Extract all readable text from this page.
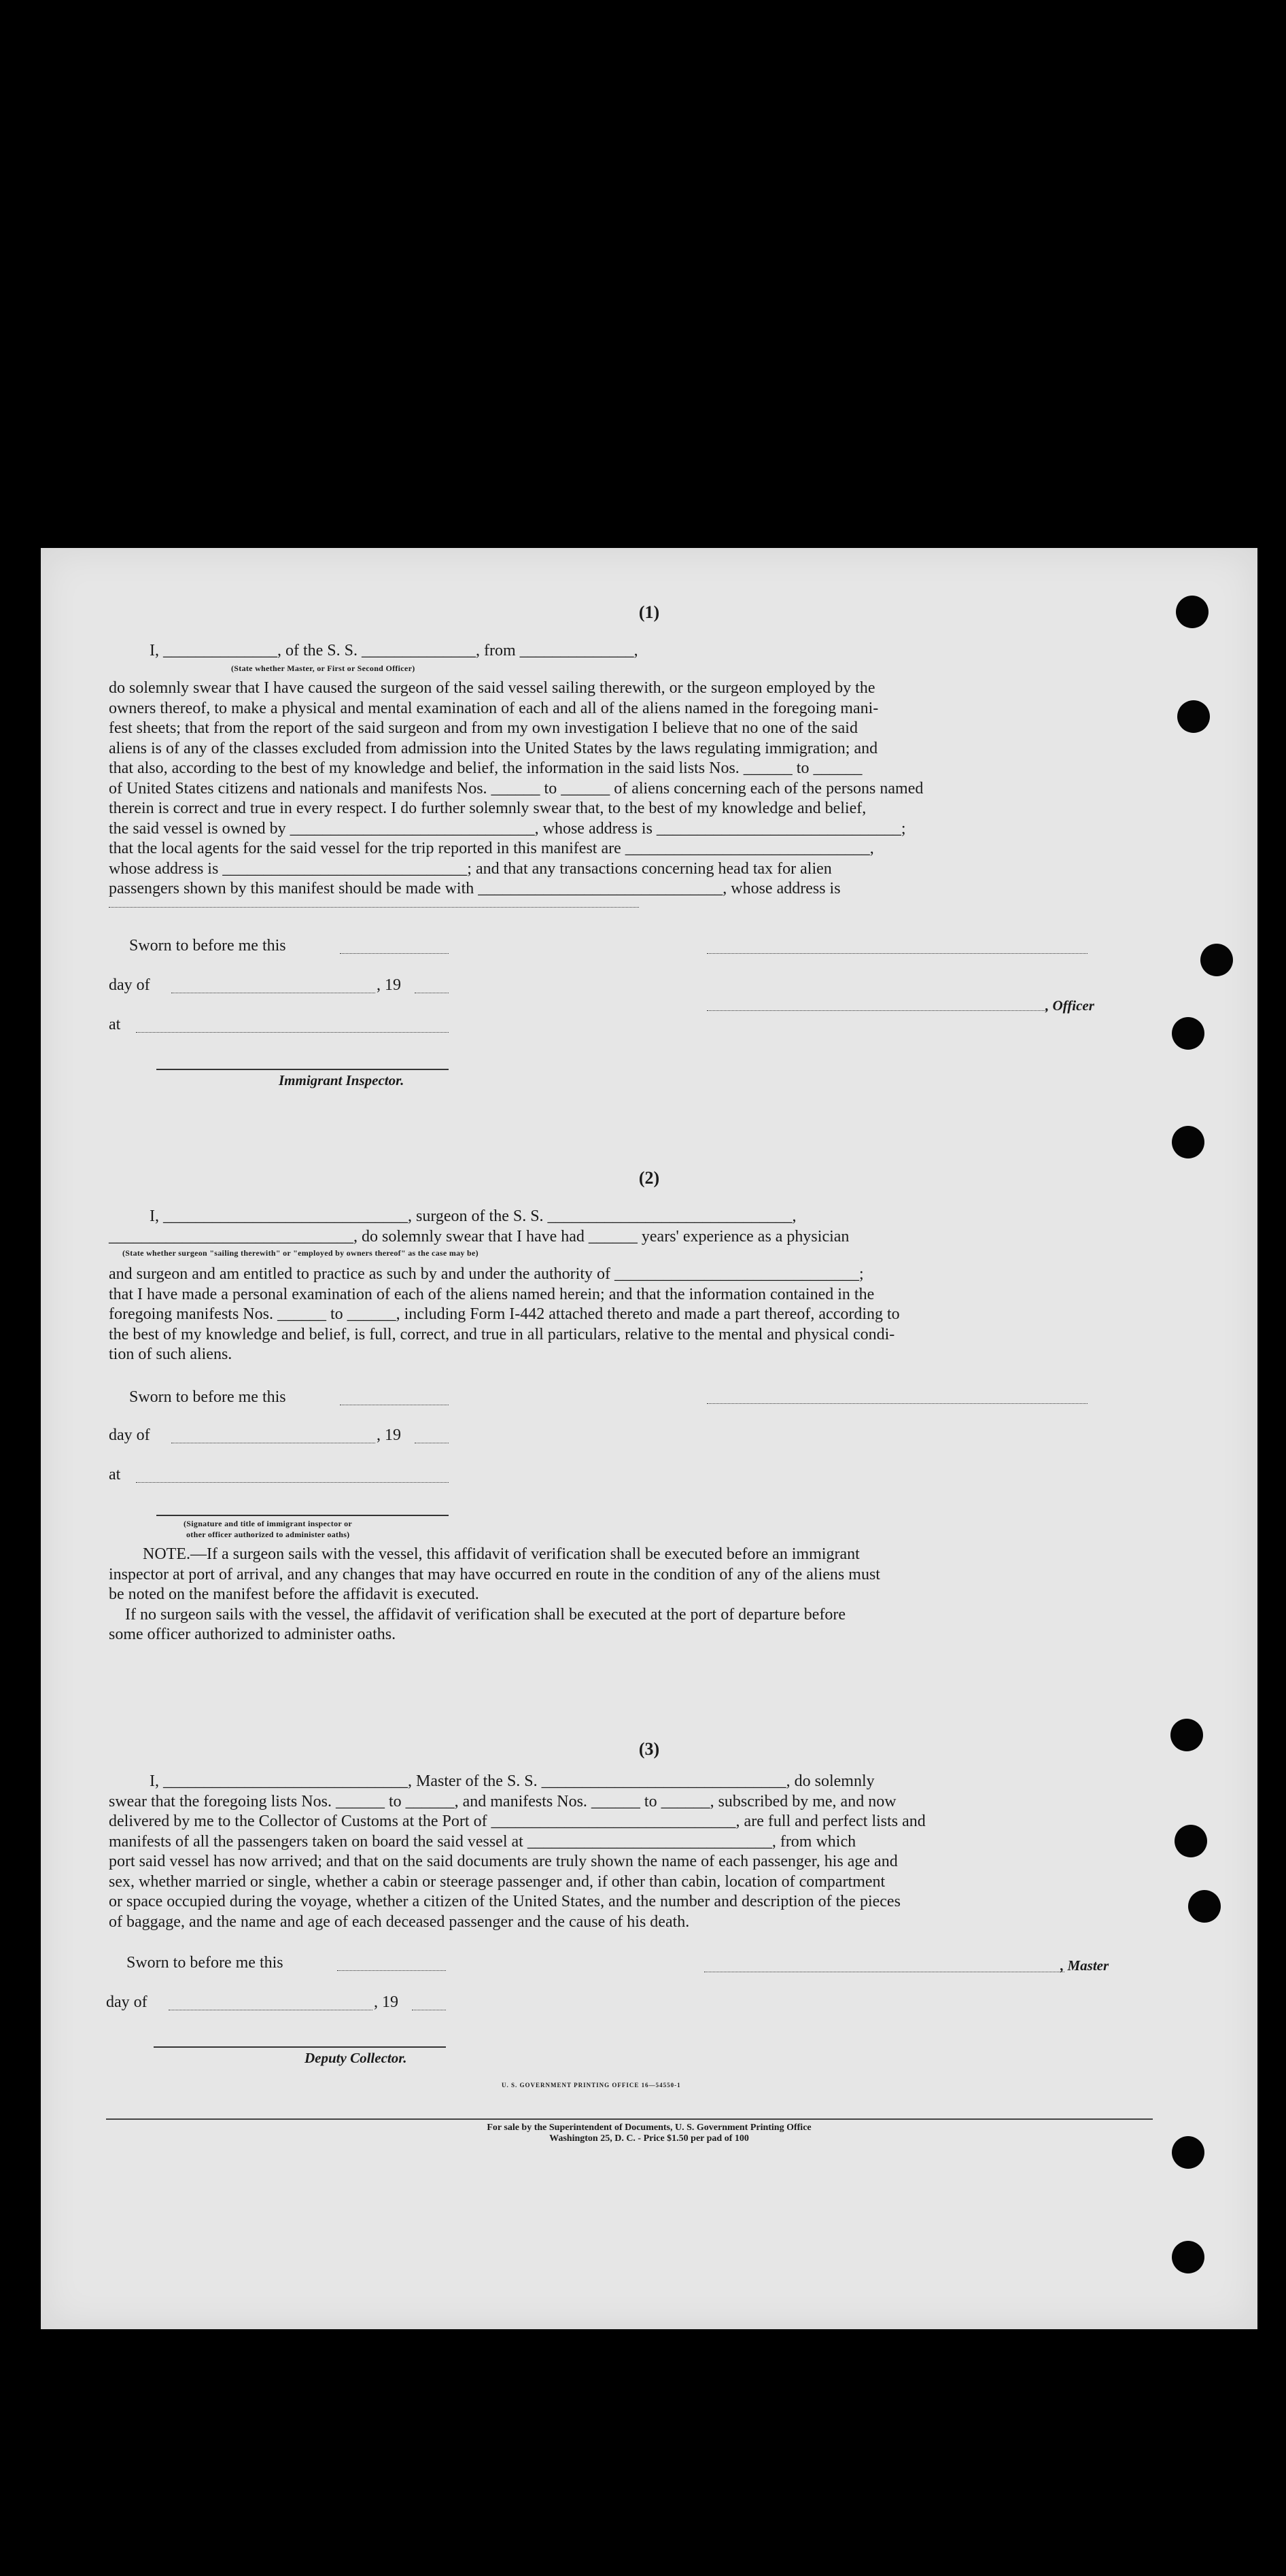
(1)
I, ______________, of the S. S. ______________, from ______________,
(State whether Master, or First or Second Officer)
do solemnly swear that I have caused the surgeon of the said vessel sailing therewith, or the surgeon employed by the
owners thereof, to make a physical and mental examination of each and all of the aliens named in the foregoing mani-
fest sheets; that from the report of the said surgeon and from my own investigation I believe that no one of the said
aliens is of any of the classes excluded from admission into the United States by the laws regulating immigration; and
that also, according to the best of my knowledge and belief, the information in the said lists Nos. ______ to ______
of United States citizens and nationals and manifests Nos. ______ to ______ of aliens concerning each of the persons named
therein is correct and true in every respect. I do further solemnly swear that, to the best of my knowledge and belief,
the said vessel is owned by ______________________________, whose address is ______________________________;
that the local agents for the said vessel for the trip reported in this manifest are ______________________________,
whose address is ______________________________; and that any transactions concerning head tax for alien
passengers shown by this manifest should be made with ______________________________, whose address is
Sworn to before me this
day of	, 19
, Officer
at
Immigrant Inspector.
(2)
I, ______________________________, surgeon of the S. S. ______________________________,
______________________________, do solemnly swear that I have had ______ years' experience as a physician
(State whether surgeon "sailing therewith" or "employed by owners thereof" as the case may be)
and surgeon and am entitled to practice as such by and under the authority of ______________________________;
that I have made a personal examination of each of the aliens named herein; and that the information contained in the
foregoing manifests Nos. ______ to ______, including Form I-442 attached thereto and made a part thereof, according to
the best of my knowledge and belief, is full, correct, and true in all particulars, relative to the mental and physical condi-
tion of such aliens.
Sworn to before me this
day of	, 19
at
(Signature and title of immigrant inspector or
other officer authorized to administer oaths)
NOTE.—If a surgeon sails with the vessel, this affidavit of verification shall be executed before an immigrant
inspector at port of arrival, and any changes that may have occurred en route in the condition of any of the aliens must
be noted on the manifest before the affidavit is executed.
If no surgeon sails with the vessel, the affidavit of verification shall be executed at the port of departure before
some officer authorized to administer oaths.
(3)
I, ______________________________, Master of the S. S. ______________________________, do solemnly
swear that the foregoing lists Nos. ______ to ______, and manifests Nos. ______ to ______, subscribed by me, and now
delivered by me to the Collector of Customs at the Port of ______________________________, are full and perfect lists and
manifests of all the passengers taken on board the said vessel at ______________________________, from which
port said vessel has now arrived; and that on the said documents are truly shown the name of each passenger, his age and
sex, whether married or single, whether a cabin or steerage passenger and, if other than cabin, location of compartment
or space occupied during the voyage, whether a citizen of the United States, and the number and description of the pieces
of baggage, and the name and age of each deceased passenger and the cause of his death.
Sworn to before me this	, Master
day of	, 19
Deputy Collector.
U. S. GOVERNMENT PRINTING OFFICE 16—54550-1
For sale by the Superintendent of Documents, U. S. Government Printing Office
Washington 25, D. C. - Price $1.50 per pad of 100
